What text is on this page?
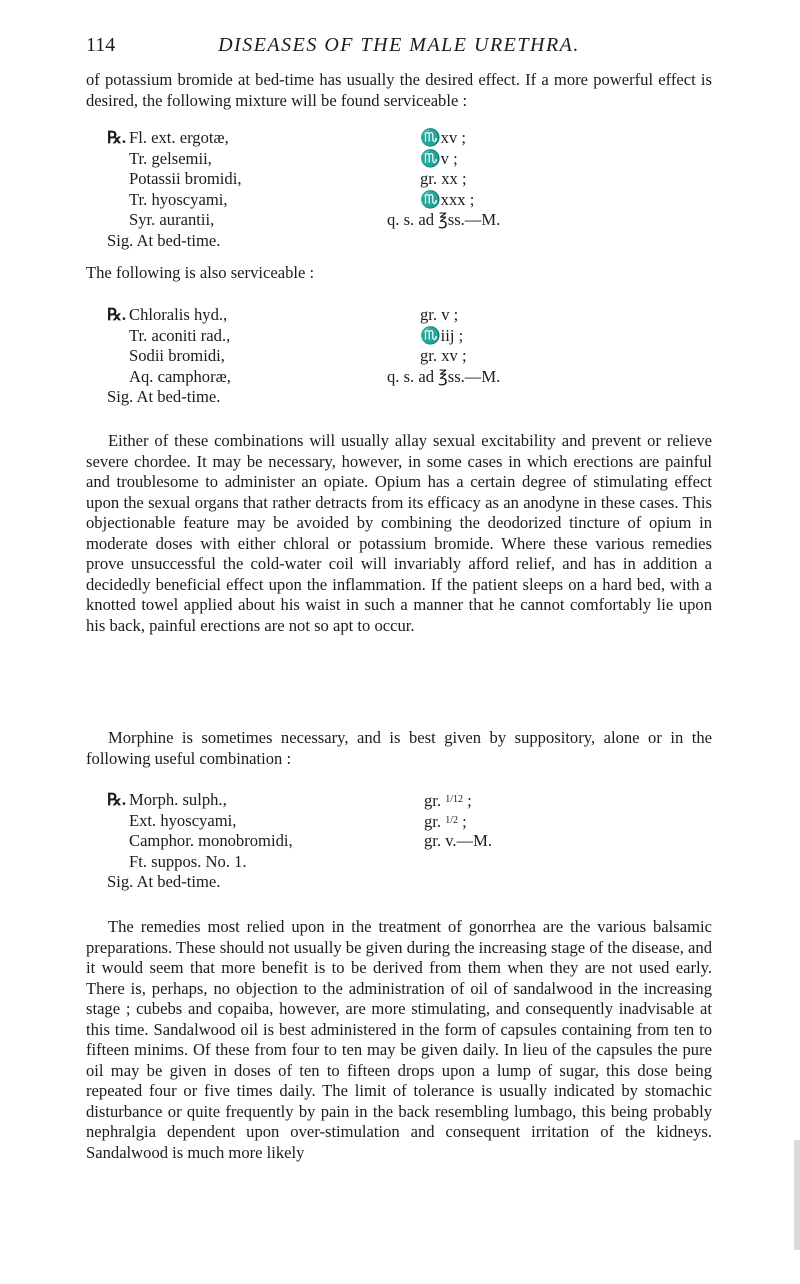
114	DISEASES OF THE MALE URETHRA.

of potassium bromide at bed-time has usually the desired effect. If a more powerful effect is desired, the following mixture will be found serviceable :

℞. Fl. ext. ergotæ,	♏xv ;
Tr. gelsemii,	♏v ;
Potassii bromidi,	gr. xx ;
Tr. hyoscyami,	♏xxx ;
Syr. aurantii,	q. s. ad ℥ss.—M.
Sig. At bed-time.

The following is also serviceable :

℞. Chloralis hyd.,	gr. v ;
Tr. aconiti rad.,	♏iij ;
Sodii bromidi,	gr. xv ;
Aq. camphoræ,	q. s. ad ℥ss.—M.
Sig. At bed-time.

Either of these combinations will usually allay sexual excitability and prevent or relieve severe chordee. It may be necessary, however, in some cases in which erections are painful and troublesome to administer an opiate. Opium has a certain degree of stimulating effect upon the sexual organs that rather detracts from its efficacy as an anodyne in these cases. This objectionable feature may be avoided by combining the deodorized tincture of opium in moderate doses with either chloral or potassium bromide. Where these various remedies prove unsuccessful the cold-water coil will invariably afford relief, and has in addition a decidedly beneficial effect upon the inflammation. If the patient sleeps on a hard bed, with a knotted towel applied about his waist in such a manner that he cannot comfortably lie upon his back, painful erections are not so apt to occur.

Morphine is sometimes necessary, and is best given by suppository, alone or in the following useful combination :

℞. Morph. sulph.,	gr. $^{1/12}$ ;
Ext. hyoscyami,	gr. $^{1/2}$ ;
Camphor. monobromidi,	gr. v.—M.
Ft. suppos. No. 1.
Sig. At bed-time.

The remedies most relied upon in the treatment of gonorrhea are the various balsamic preparations. These should not usually be given during the increasing stage of the disease, and it would seem that more benefit is to be derived from them when they are not used early. There is, perhaps, no objection to the administration of oil of sandalwood in the increasing stage ; cubebs and copaiba, however, are more stimulating, and consequently inadvisable at this time. Sandalwood oil is best administered in the form of capsules containing from ten to fifteen minims. Of these from four to ten may be given daily. In lieu of the capsules the pure oil may be given in doses of ten to fifteen drops upon a lump of sugar, this dose being repeated four or five times daily. The limit of tolerance is usually indicated by stomachic disturbance or quite frequently by pain in the back resembling lumbago, this being probably nephralgia dependent upon over-stimulation and consequent irritation of the kidneys. Sandalwood is much more likely
